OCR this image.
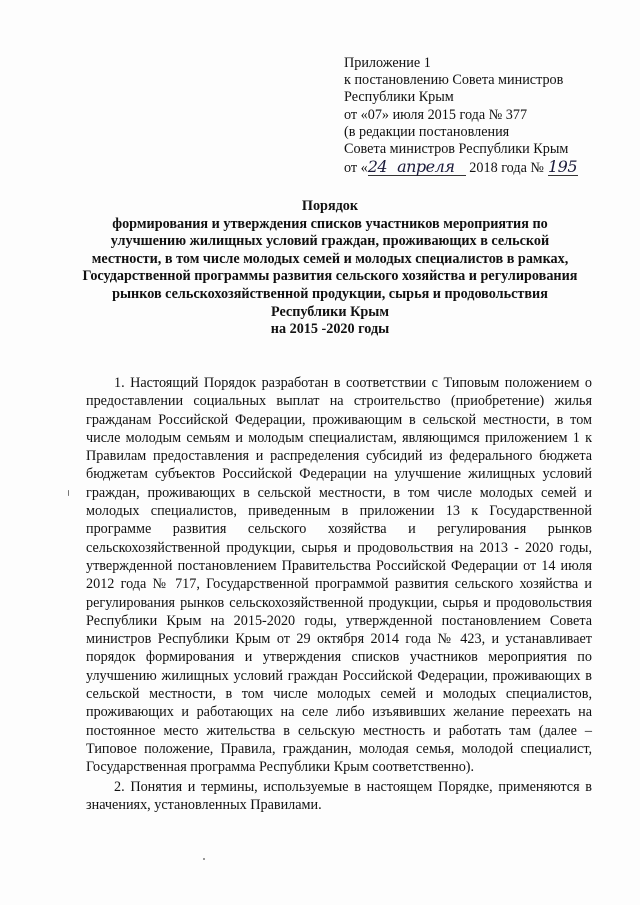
Приложение 1
к постановлению Совета министров
Республики Крым
от «07» июля 2015 года № 377
(в редакции постановления
Совета министров Республики Крым
от «24 апреля 2018 года № 195
Порядок
формирования и утверждения списков участников мероприятия по улучшению жилищных условий граждан, проживающих в сельской местности, в том числе молодых семей и молодых специалистов в рамках, Государственной программы развития сельского хозяйства и регулирования рынков сельскохозяйственной продукции, сырья и продовольствия Республики Крым
на 2015 -2020 годы

1. Настоящий Порядок разработан в соответствии с Типовым положением о предоставлении социальных выплат на строительство (приобретение) жилья гражданам Российской Федерации, проживающим в сельской местности, в том числе молодым семьям и молодым специалистам, являющимся приложением 1 к Правилам предоставления и распределения субсидий из федерального бюджета бюджетам субъектов Российской Федерации на улучшение жилищных условий граждан, проживающих в сельской местности, в том числе молодых семей и молодых специалистов, приведенным в приложении 13 к Государственной программе развития сельского хозяйства и регулирования рынков сельскохозяйственной продукции, сырья и продовольствия на 2013 - 2020 годы, утвержденной постановлением Правительства Российской Федерации от 14 июля 2012 года № 717, Государственной программой развития сельского хозяйства и регулирования рынков сельскохозяйственной продукции, сырья и продовольствия Республики Крым на 2015-2020 годы, утвержденной постановлением Совета министров Республики Крым от 29 октября 2014 года № 423, и устанавливает порядок формирования и утверждения списков участников мероприятия по улучшению жилищных условий граждан Российской Федерации, проживающих в сельской местности, в том числе молодых семей и молодых специалистов, проживающих и работающих на селе либо изъявивших желание переехать на постоянное место жительства в сельскую местность и работать там (далее – Типовое положение, Правила, гражданин, молодая семья, молодой специалист, Государственная программа Республики Крым соответственно).

2. Понятия и термины, используемые в настоящем Порядке, применяются в значениях, установленных Правилами.
